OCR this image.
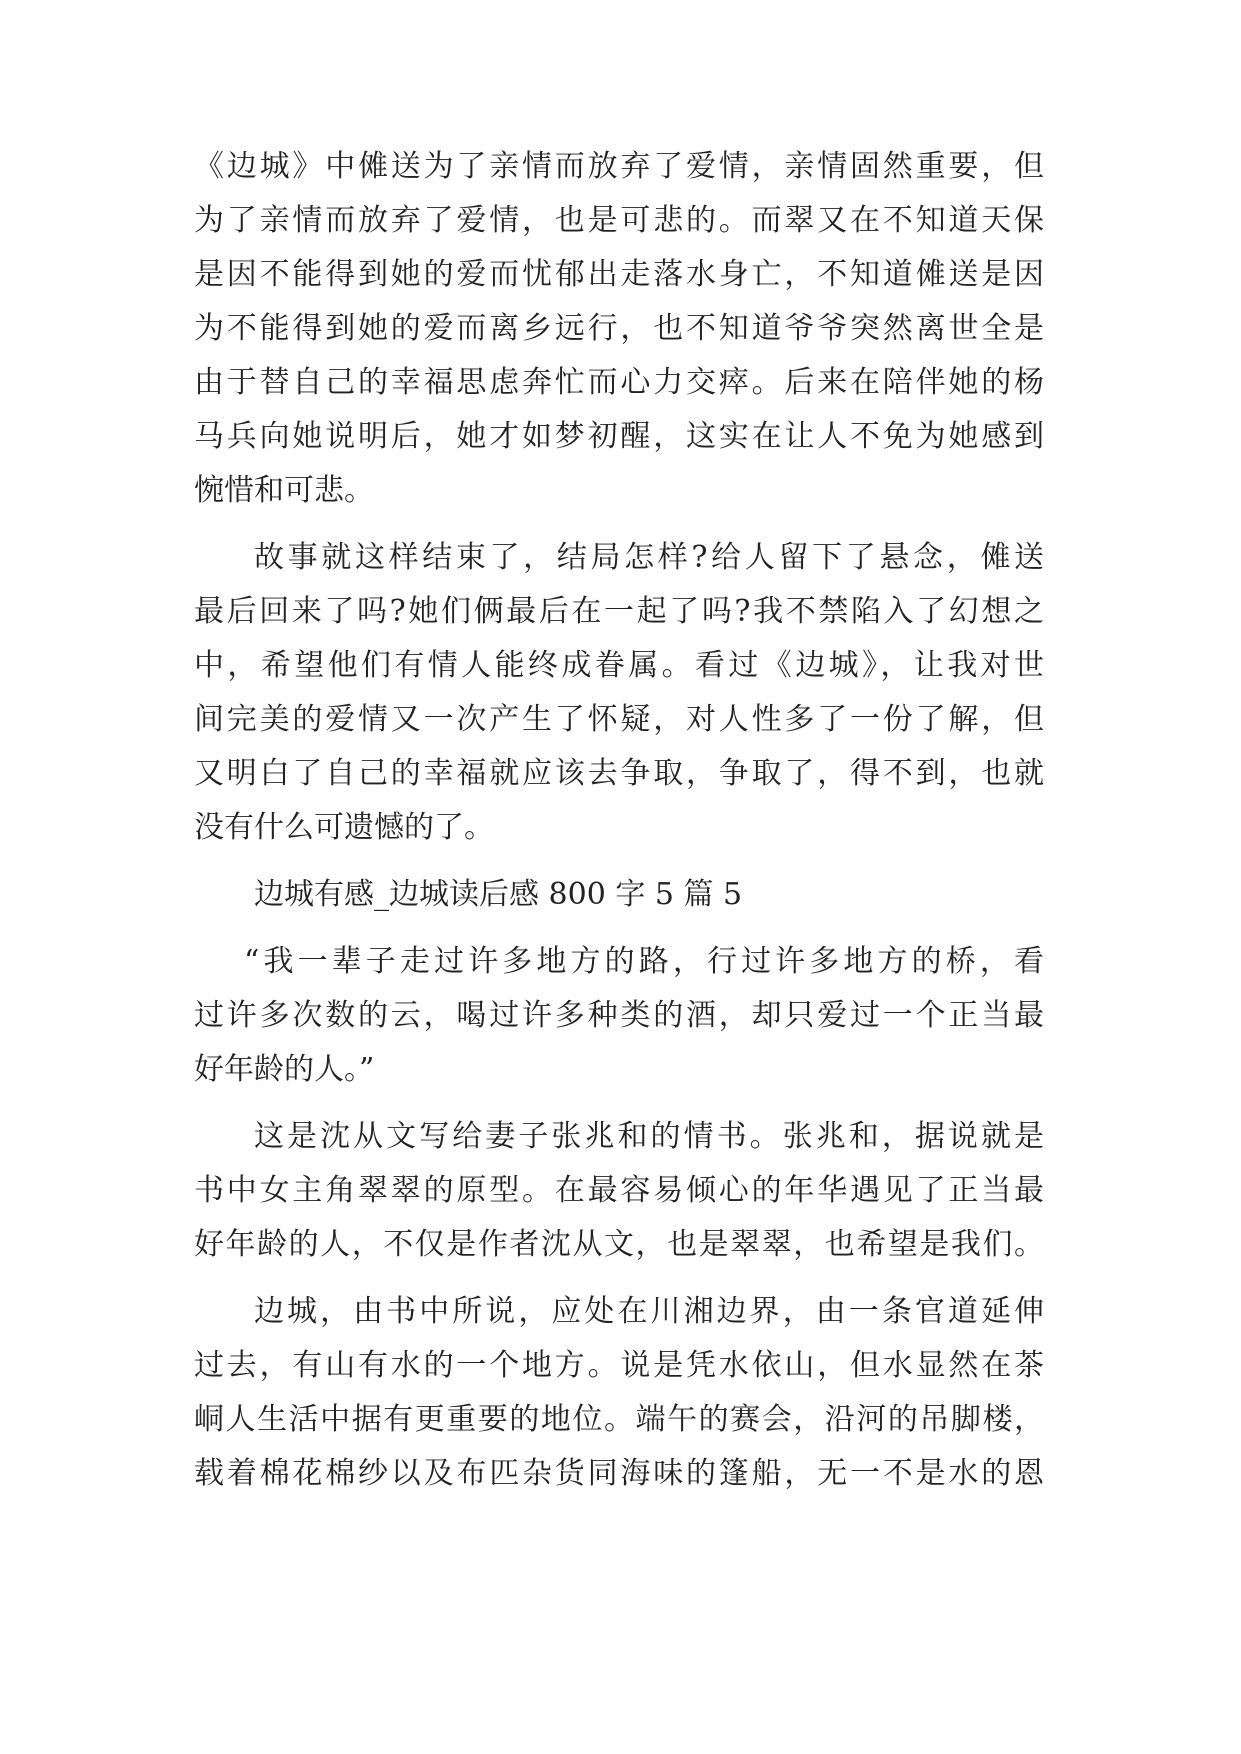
《边城》中傩送为了亲情而放弃了爱情，亲情固然重要，但

为了亲情而放弃了爱情，也是可悲的。而翠又在不知道天保

是因不能得到她的爱而忧郁出走落水身亡，不知道傩送是因

为不能得到她的爱而离乡远行，也不知道爷爷突然离世全是

由于替自己的幸福思虑奔忙而心力交瘁。后来在陪伴她的杨

马兵向她说明后，她才如梦初醒，这实在让人不免为她感到

惋惜和可悲。

故事就这样结束了，结局怎样?给人留下了悬念，傩送

最后回来了吗?她们俩最后在一起了吗?我不禁陷入了幻想之

中，希望他们有情人能终成眷属。看过《边城》，让我对世

间完美的爱情又一次产生了怀疑，对人性多了一份了解，但

又明白了自己的幸福就应该去争取，争取了，得不到，也就

没有什么可遗憾的了。

边城有感_边城读后感 800 字 5 篇 5

“我一辈子走过许多地方的路，行过许多地方的桥，看

过许多次数的云，喝过许多种类的酒，却只爱过一个正当最

好年龄的人。”

这是沈从文写给妻子张兆和的情书。张兆和，据说就是

书中女主角翠翠的原型。在最容易倾心的年华遇见了正当最

好年龄的人，不仅是作者沈从文，也是翠翠，也希望是我们。

边城，由书中所说，应处在川湘边界，由一条官道延伸

过去，有山有水的一个地方。说是凭水依山，但水显然在茶

峒人生活中据有更重要的地位。端午的赛会，沿河的吊脚楼，

载着棉花棉纱以及布匹杂货同海味的篷船，无一不是水的恩
